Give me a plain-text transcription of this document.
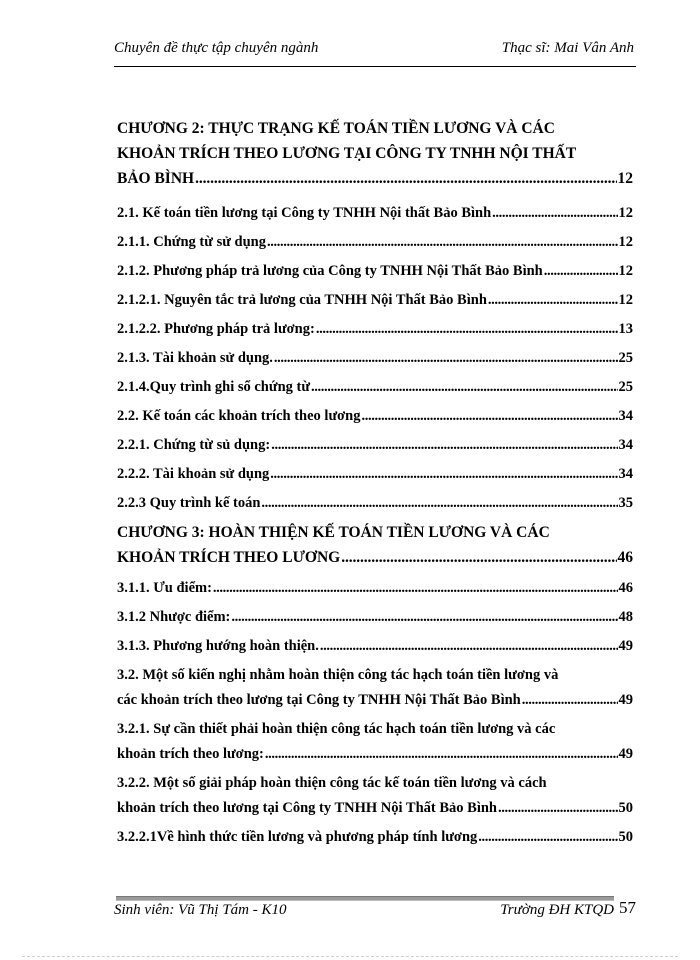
Chuyên đề thực tập chuyên ngành	Thạc sĩ: Mai Vân Anh
CHƯƠNG 2: THỰC TRẠNG KẾ TOÁN TIỀN LƯƠNG VÀ CÁC
KHOẢN TRÍCH THEO LƯƠNG TẠI CÔNG TY TNHH NỘI THẤT
BẢO BÌNH . . .	12
2.1. Kế toán tiền lương tại Công ty TNHH Nội thất Bảo Bình . . .	12
2.1.1. Chứng từ sử dụng . . .	12
2.1.2. Phương pháp trả lương của Công ty TNHH Nội Thất Bảo Bình . . .	12
2.1.2.1. Nguyên tắc trả lương của TNHH Nội Thất Bảo Bình . . .	12
2.1.2.2. Phương pháp trả lương: . . .	13
2.1.3. Tài khoản sử dụng. . . .	25
2.1.4.Quy trình ghi sổ chứng từ . . .	25
2.2. Kế toán các khoản trích theo lương . . .	34
2.2.1. Chứng từ sủ dụng: . . .	34
2.2.2. Tài khoản sử dụng . . .	34
2.2.3 Quy trình kế toán . . .	35
CHƯƠNG 3: HOÀN THIỆN KẾ TOÁN TIỀN LƯƠNG VÀ CÁC
KHOẢN TRÍCH THEO LƯƠNG . . .	46
3.1.1. Ưu điểm: . . .	46
3.1.2 Nhược điểm: . . .	48
3.1.3. Phương hướng hoàn thiện. . . .	49
3.2. Một số kiến nghị nhằm hoàn thiện công tác hạch toán tiền lương và
các khoản trích theo lương tại Công ty TNHH Nội Thất Bảo Bình . . .	49
3.2.1. Sự cần thiết phải hoàn thiện công tác hạch toán tiền lương và các
khoản trích theo lương: . . .	49
3.2.2. Một số giải pháp hoàn thiện công tác kế toán tiền lương và cách
khoản trích theo lương tại Công ty TNHH Nội Thất Bảo Bình . . .	50
3.2.2.1Về hình thức tiền lương và phương pháp tính lương . . .	50
Sinh viên: Vũ Thị Tám - K10	Trường ĐH KTQD 57
